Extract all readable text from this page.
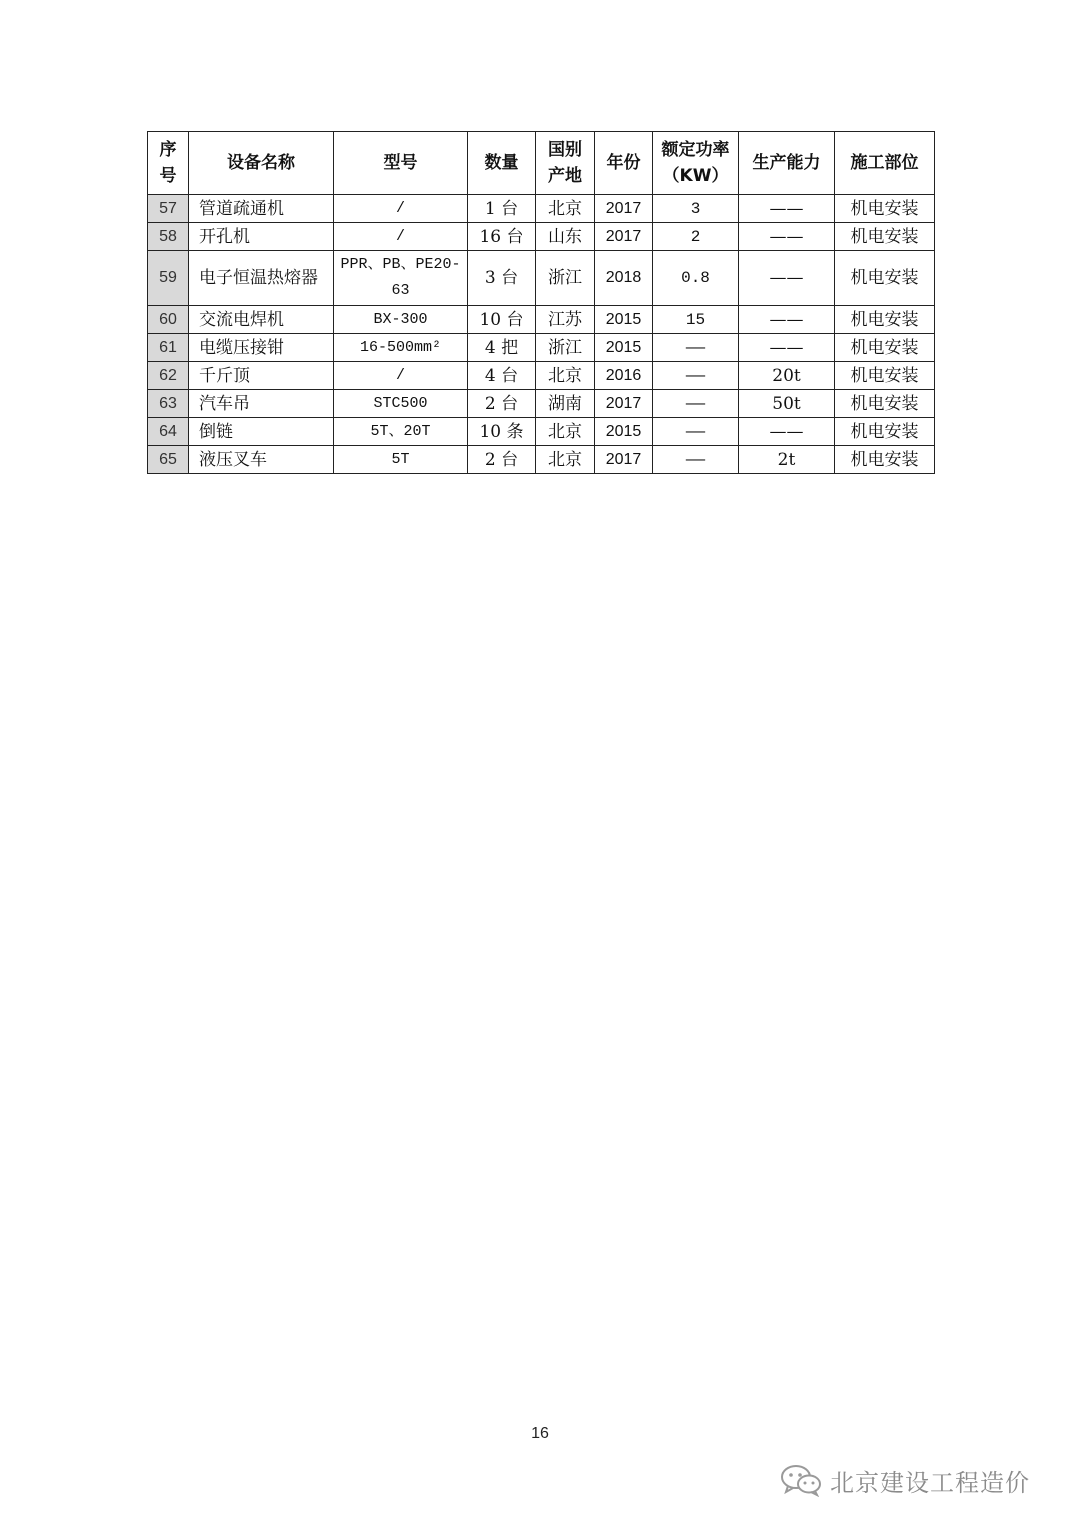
序号	设备名称	型号	数量	国别产地	年份	额定功率（KW）	生产能力	施工部位
57	管道疏通机	/	1 台	北京	2017	3	——	机电安装
58	开孔机	/	16 台	山东	2017	2	——	机电安装
59	电子恒温热熔器	PPR、PB、PE20-63	3 台	浙江	2018	0.8	——	机电安装
60	交流电焊机	BX-300	10 台	江苏	2015	15	——	机电安装
61	电缆压接钳	16-500mm²	4 把	浙江	2015	——	——	机电安装
62	千斤顶	/	4 台	北京	2016	——	20t	机电安装
63	汽车吊	STC500	2 台	湖南	2017	——	50t	机电安装
64	倒链	5T、20T	10 条	北京	2015	——	——	机电安装
65	液压叉车	5T	2 台	北京	2017	——	2t	机电安装
16
北京建设工程造价
